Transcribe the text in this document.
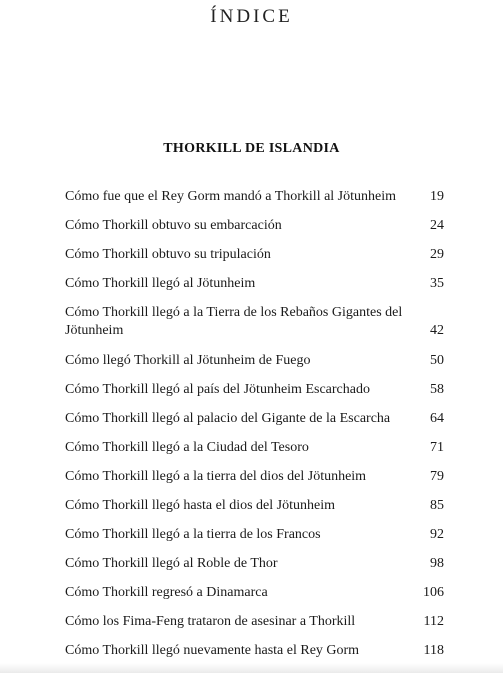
ÍNDICE
THORKILL DE ISLANDIA
Cómo fue que el Rey Gorm mandó a Thorkill al Jötunheim	19
Cómo Thorkill obtuvo su embarcación	24
Cómo Thorkill obtuvo su tripulación	29
Cómo Thorkill llegó al Jötunheim	35
Cómo Thorkill llegó a la Tierra de los Rebaños Gigantes del Jötunheim	42
Cómo llegó Thorkill al Jötunheim de Fuego	50
Cómo Thorkill llegó al país del Jötunheim Escarchado	58
Cómo Thorkill llegó al palacio del Gigante de la Escarcha	64
Cómo Thorkill llegó a la Ciudad del Tesoro	71
Cómo Thorkill llegó a la tierra del dios del Jötunheim	79
Cómo Thorkill llegó hasta el dios del Jötunheim	85
Cómo Thorkill llegó a la tierra de los Francos	92
Cómo Thorkill llegó al Roble de Thor	98
Cómo Thorkill regresó a Dinamarca	106
Cómo los Fima-Feng trataron de asesinar a Thorkill	112
Cómo Thorkill llegó nuevamente hasta el Rey Gorm	118
